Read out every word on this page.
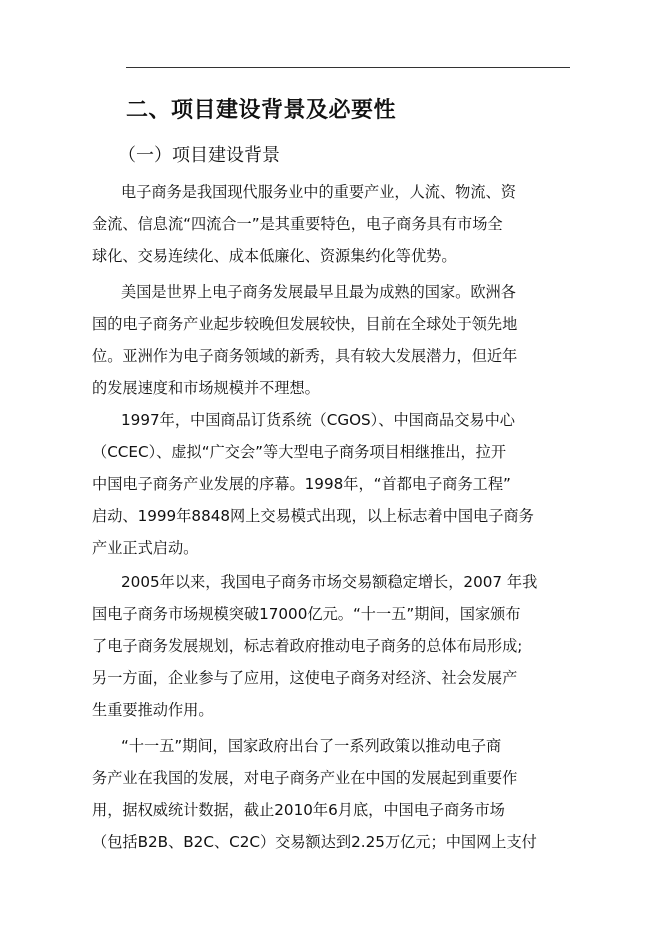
二、项目建设背景及必要性
（一）项目建设背景
电子商务是我国现代服务业中的重要产业，人流、物流、资
金流、信息流“四流合一”是其重要特色，电子商务具有市场全
球化、交易连续化、成本低廉化、资源集约化等优势。
美国是世界上电子商务发展最早且最为成熟的国家。欧洲各
国的电子商务产业起步较晚但发展较快，目前在全球处于领先地
位。亚洲作为电子商务领域的新秀，具有较大发展潜力，但近年
的发展速度和市场规模并不理想。
1997年，中国商品订货系统（CGOS）、中国商品交易中心
（CCEC）、虚拟“广交会”等大型电子商务项目相继推出，拉开
中国电子商务产业发展的序幕。1998年，“首都电子商务工程”
启动、1999年8848网上交易模式出现，以上标志着中国电子商务
产业正式启动。
2005年以来，我国电子商务市场交易额稳定增长，2007 年我
国电子商务市场规模突破17000亿元。“十一五”期间，国家颁布
了电子商务发展规划，标志着政府推动电子商务的总体布局形成;
另一方面，企业参与了应用，这使电子商务对经济、社会发展产
生重要推动作用。
“十一五”期间，国家政府出台了一系列政策以推动电子商
务产业在我国的发展，对电子商务产业在中国的发展起到重要作
用，据权威统计数据，截止2010年6月底，中国电子商务市场
（包括B2B、B2C、C2C）交易额达到2.25万亿元；中国网上支付
